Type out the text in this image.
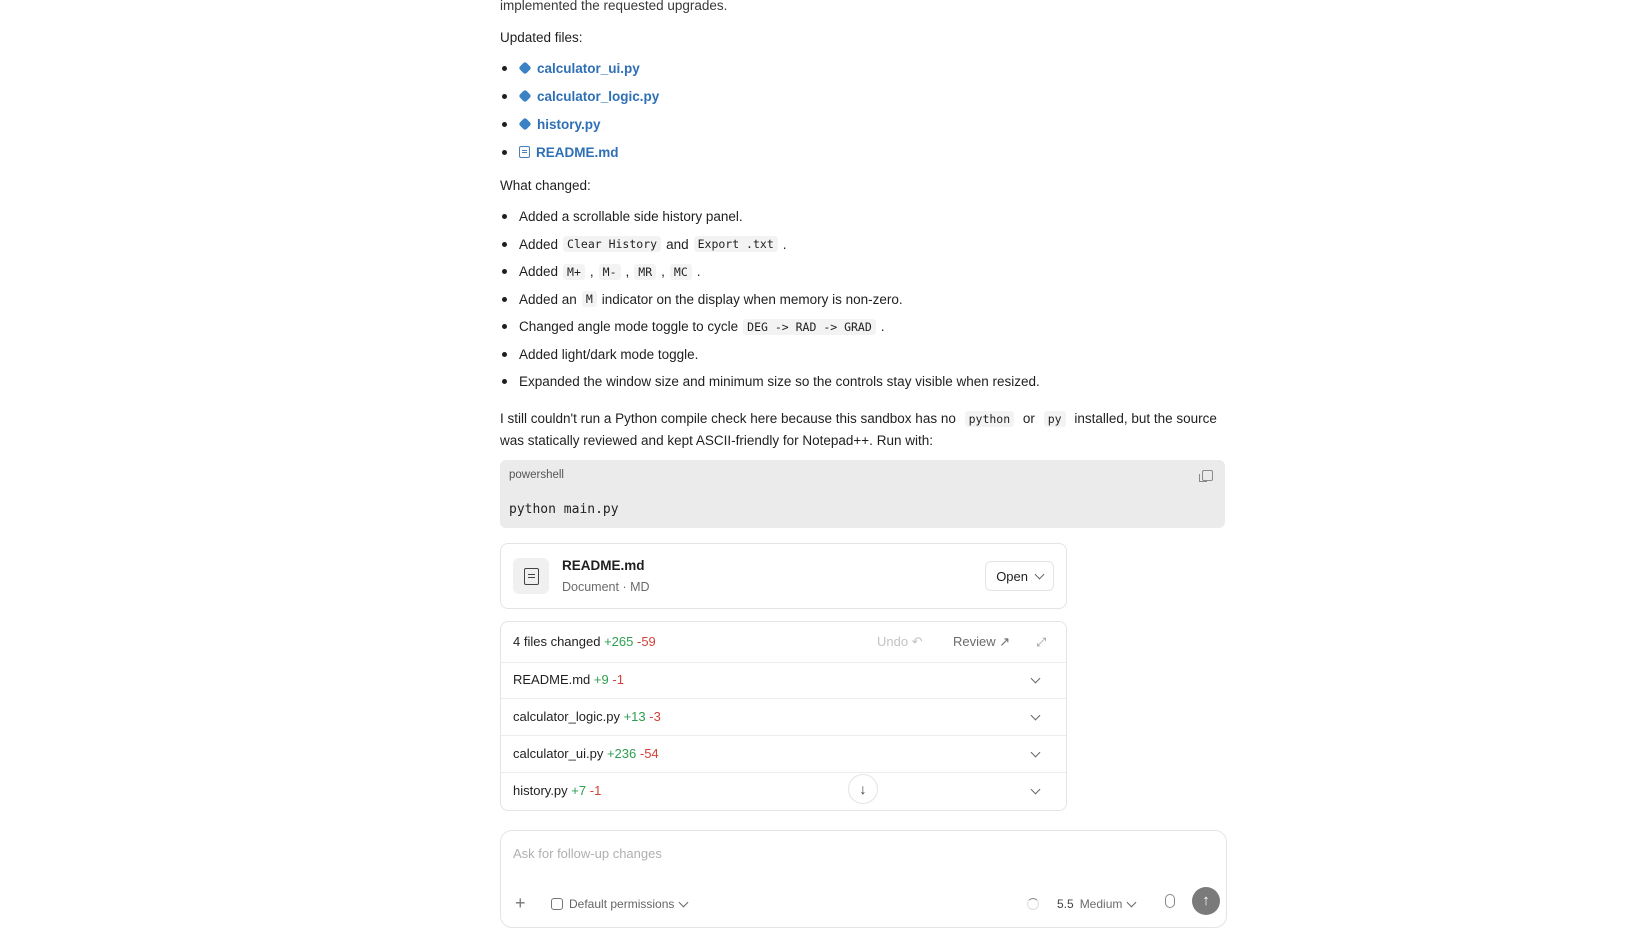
implemented the requested upgrades.
Updated files:
calculator_ui.py
calculator_logic.py
history.py
README.md
What changed:
Added a scrollable side history panel.
Added Clear History and Export .txt .
Added M+ , M- , MR , MC .
Added an M indicator on the display when memory is non-zero.
Changed angle mode toggle to cycle DEG -> RAD -> GRAD .
Added light/dark mode toggle.
Expanded the window size and minimum size so the controls stay visible when resized.
I still couldn't run a Python compile check here because this sandbox has no python or py installed, but the source was statically reviewed and kept ASCII-friendly for Notepad++. Run with:
powershell
python main.py
README.md
Document · MD
Open
4 files changed +265 -59	Undo ↶ Review ↗ ⤢
README.md +9 -1
calculator_logic.py +13 -3
calculator_ui.py +236 -54
history.py +7 -1	↓
Ask for follow-up changes
+	Default permissions	5.5 Medium	↑
